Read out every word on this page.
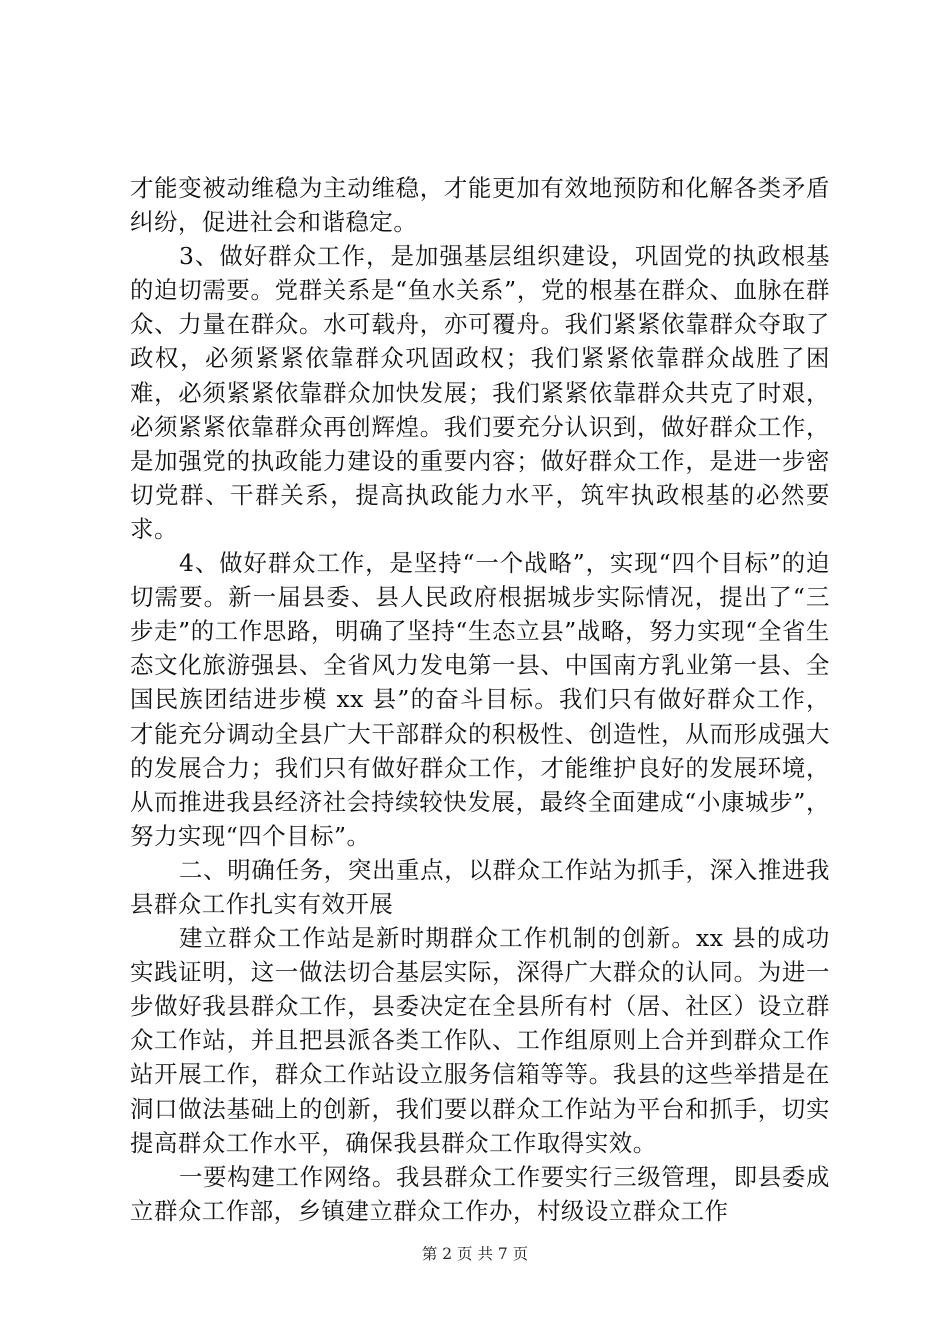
才能变被动维稳为主动维稳，才能更加有效地预防和化解各类矛盾纠纷，促进社会和谐稳定。

3、做好群众工作，是加强基层组织建设，巩固党的执政根基的迫切需要。党群关系是“鱼水关系”，党的根基在群众、血脉在群众、力量在群众。水可载舟，亦可覆舟。我们紧紧依靠群众夺取了政权，必须紧紧依靠群众巩固政权；我们紧紧依靠群众战胜了困难，必须紧紧依靠群众加快发展；我们紧紧依靠群众共克了时艰，必须紧紧依靠群众再创辉煌。我们要充分认识到，做好群众工作，是加强党的执政能力建设的重要内容；做好群众工作，是进一步密切党群、干群关系，提高执政能力水平，筑牢执政根基的必然要求。

4、做好群众工作，是坚持“一个战略”，实现“四个目标”的迫切需要。新一届县委、县人民政府根据城步实际情况，提出了“三步走”的工作思路，明确了坚持“生态立县”战略，努力实现“全省生态文化旅游强县、全省风力发电第一县、中国南方乳业第一县、全国民族团结进步模 xx 县”的奋斗目标。我们只有做好群众工作，才能充分调动全县广大干部群众的积极性、创造性，从而形成强大的发展合力；我们只有做好群众工作，才能维护良好的发展环境，从而推进我县经济社会持续较快发展，最终全面建成“小康城步”，努力实现“四个目标”。

二、明确任务，突出重点，以群众工作站为抓手，深入推进我县群众工作扎实有效开展

建立群众工作站是新时期群众工作机制的创新。xx 县的成功实践证明，这一做法切合基层实际，深得广大群众的认同。为进一步做好我县群众工作，县委决定在全县所有村（居、社区）设立群众工作站，并且把县派各类工作队、工作组原则上合并到群众工作站开展工作，群众工作站设立服务信箱等等。我县的这些举措是在洞口做法基础上的创新，我们要以群众工作站为平台和抓手，切实提高群众工作水平，确保我县群众工作取得实效。

一要构建工作网络。我县群众工作要实行三级管理，即县委成立群众工作部，乡镇建立群众工作办，村级设立群众工作

第 2 页 共 7 页
